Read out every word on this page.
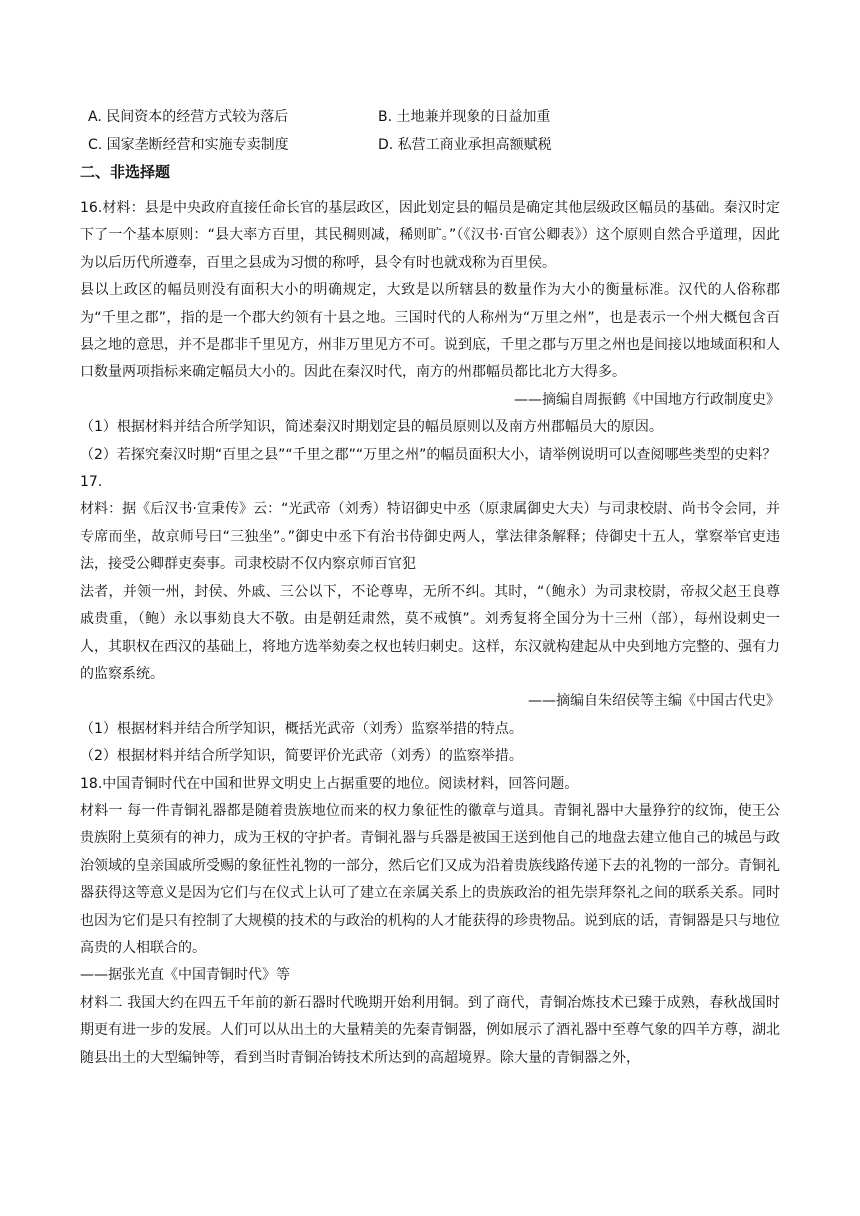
A. 民间资本的经营方式较为落后	B. 土地兼并现象的日益加重
C. 国家垄断经营和实施专卖制度	D. 私营工商业承担高额赋税
二、非选择题

16.材料：县是中央政府直接任命长官的基层政区，因此划定县的幅员是确定其他层级政区幅员的基础。秦汉时定下了一个基本原则：“县大率方百里，其民稠则减，稀则旷。”（《汉书·百官公卿表》）这个原则自然合乎道理，因此为以后历代所遵奉，百里之县成为习惯的称呼，县令有时也就戏称为百里侯。

县以上政区的幅员则没有面积大小的明确规定，大致是以所辖县的数量作为大小的衡量标准。汉代的人俗称郡为“千里之郡”，指的是一个郡大约领有十县之地。三国时代的人称州为“万里之州”，也是表示一个州大概包含百县之地的意思，并不是郡非千里见方，州非万里见方不可。说到底，千里之郡与万里之州也是间接以地域面积和人口数量两项指标来确定幅员大小的。因此在秦汉时代，南方的州郡幅员都比北方大得多。

——摘编自周振鹤《中国地方行政制度史》

（1）根据材料并结合所学知识，简述秦汉时期划定县的幅员原则以及南方州郡幅员大的原因。

（2）若探究秦汉时期“百里之县”“千里之郡”“万里之州”的幅员面积大小，请举例说明可以查阅哪些类型的史料？

17.

材料：据《后汉书·宣秉传》云：“光武帝（刘秀）特诏御史中丞（原隶属御史大夫）与司隶校尉、尚书令会同，并专席而坐，故京师号曰“三独坐”。”御史中丞下有治书侍御史两人，掌法律条解释；侍御史十五人，掌察举官吏违法，接受公卿群吏奏事。司隶校尉不仅内察京师百官犯

法者，并领一州，封侯、外戚、三公以下，不论尊卑，无所不纠。其时，“（鲍永）为司隶校尉，帝叔父赵王良尊戚贵重，（鲍）永以事劾良大不敬。由是朝廷肃然，莫不戒慎”。刘秀复将全国分为十三州（部），每州设刺史一人，其职权在西汉的基础上，将地方选举劾奏之权也转归刺史。这样，东汉就构建起从中央到地方完整的、强有力的监察系统。

——摘编自朱绍侯等主编《中国古代史》

（1）根据材料并结合所学知识，概括光武帝（刘秀）监察举措的特点。

（2）根据材料并结合所学知识，简要评价光武帝（刘秀）的监察举措。

18.中国青铜时代在中国和世界文明史上占据重要的地位。阅读材料，回答问题。

材料一 每一件青铜礼器都是随着贵族地位而来的权力象征性的徽章与道具。青铜礼器中大量狰狞的纹饰，使王公贵族附上莫须有的神力，成为王权的守护者。青铜礼器与兵器是被国王送到他自己的地盘去建立他自己的城邑与政治领域的皇亲国戚所受赐的象征性礼物的一部分，然后它们又成为沿着贵族线路传递下去的礼物的一部分。青铜礼器获得这等意义是因为它们与在仪式上认可了建立在亲属关系上的贵族政治的祖先崇拜祭礼之间的联系关系。同时也因为它们是只有控制了大规模的技术的与政治的机构的人才能获得的珍贵物品。说到底的话，青铜器是只与地位高贵的人相联合的。

——据张光直《中国青铜时代》等

材料二 我国大约在四五千年前的新石器时代晚期开始利用铜。到了商代，青铜冶炼技术已臻于成熟，春秋战国时期更有进一步的发展。人们可以从出土的大量精美的先秦青铜器，例如展示了酒礼器中至尊气象的四羊方尊，湖北随县出土的大型编钟等，看到当时青铜冶铸技术所达到的高超境界。除大量的青铜器之外，
